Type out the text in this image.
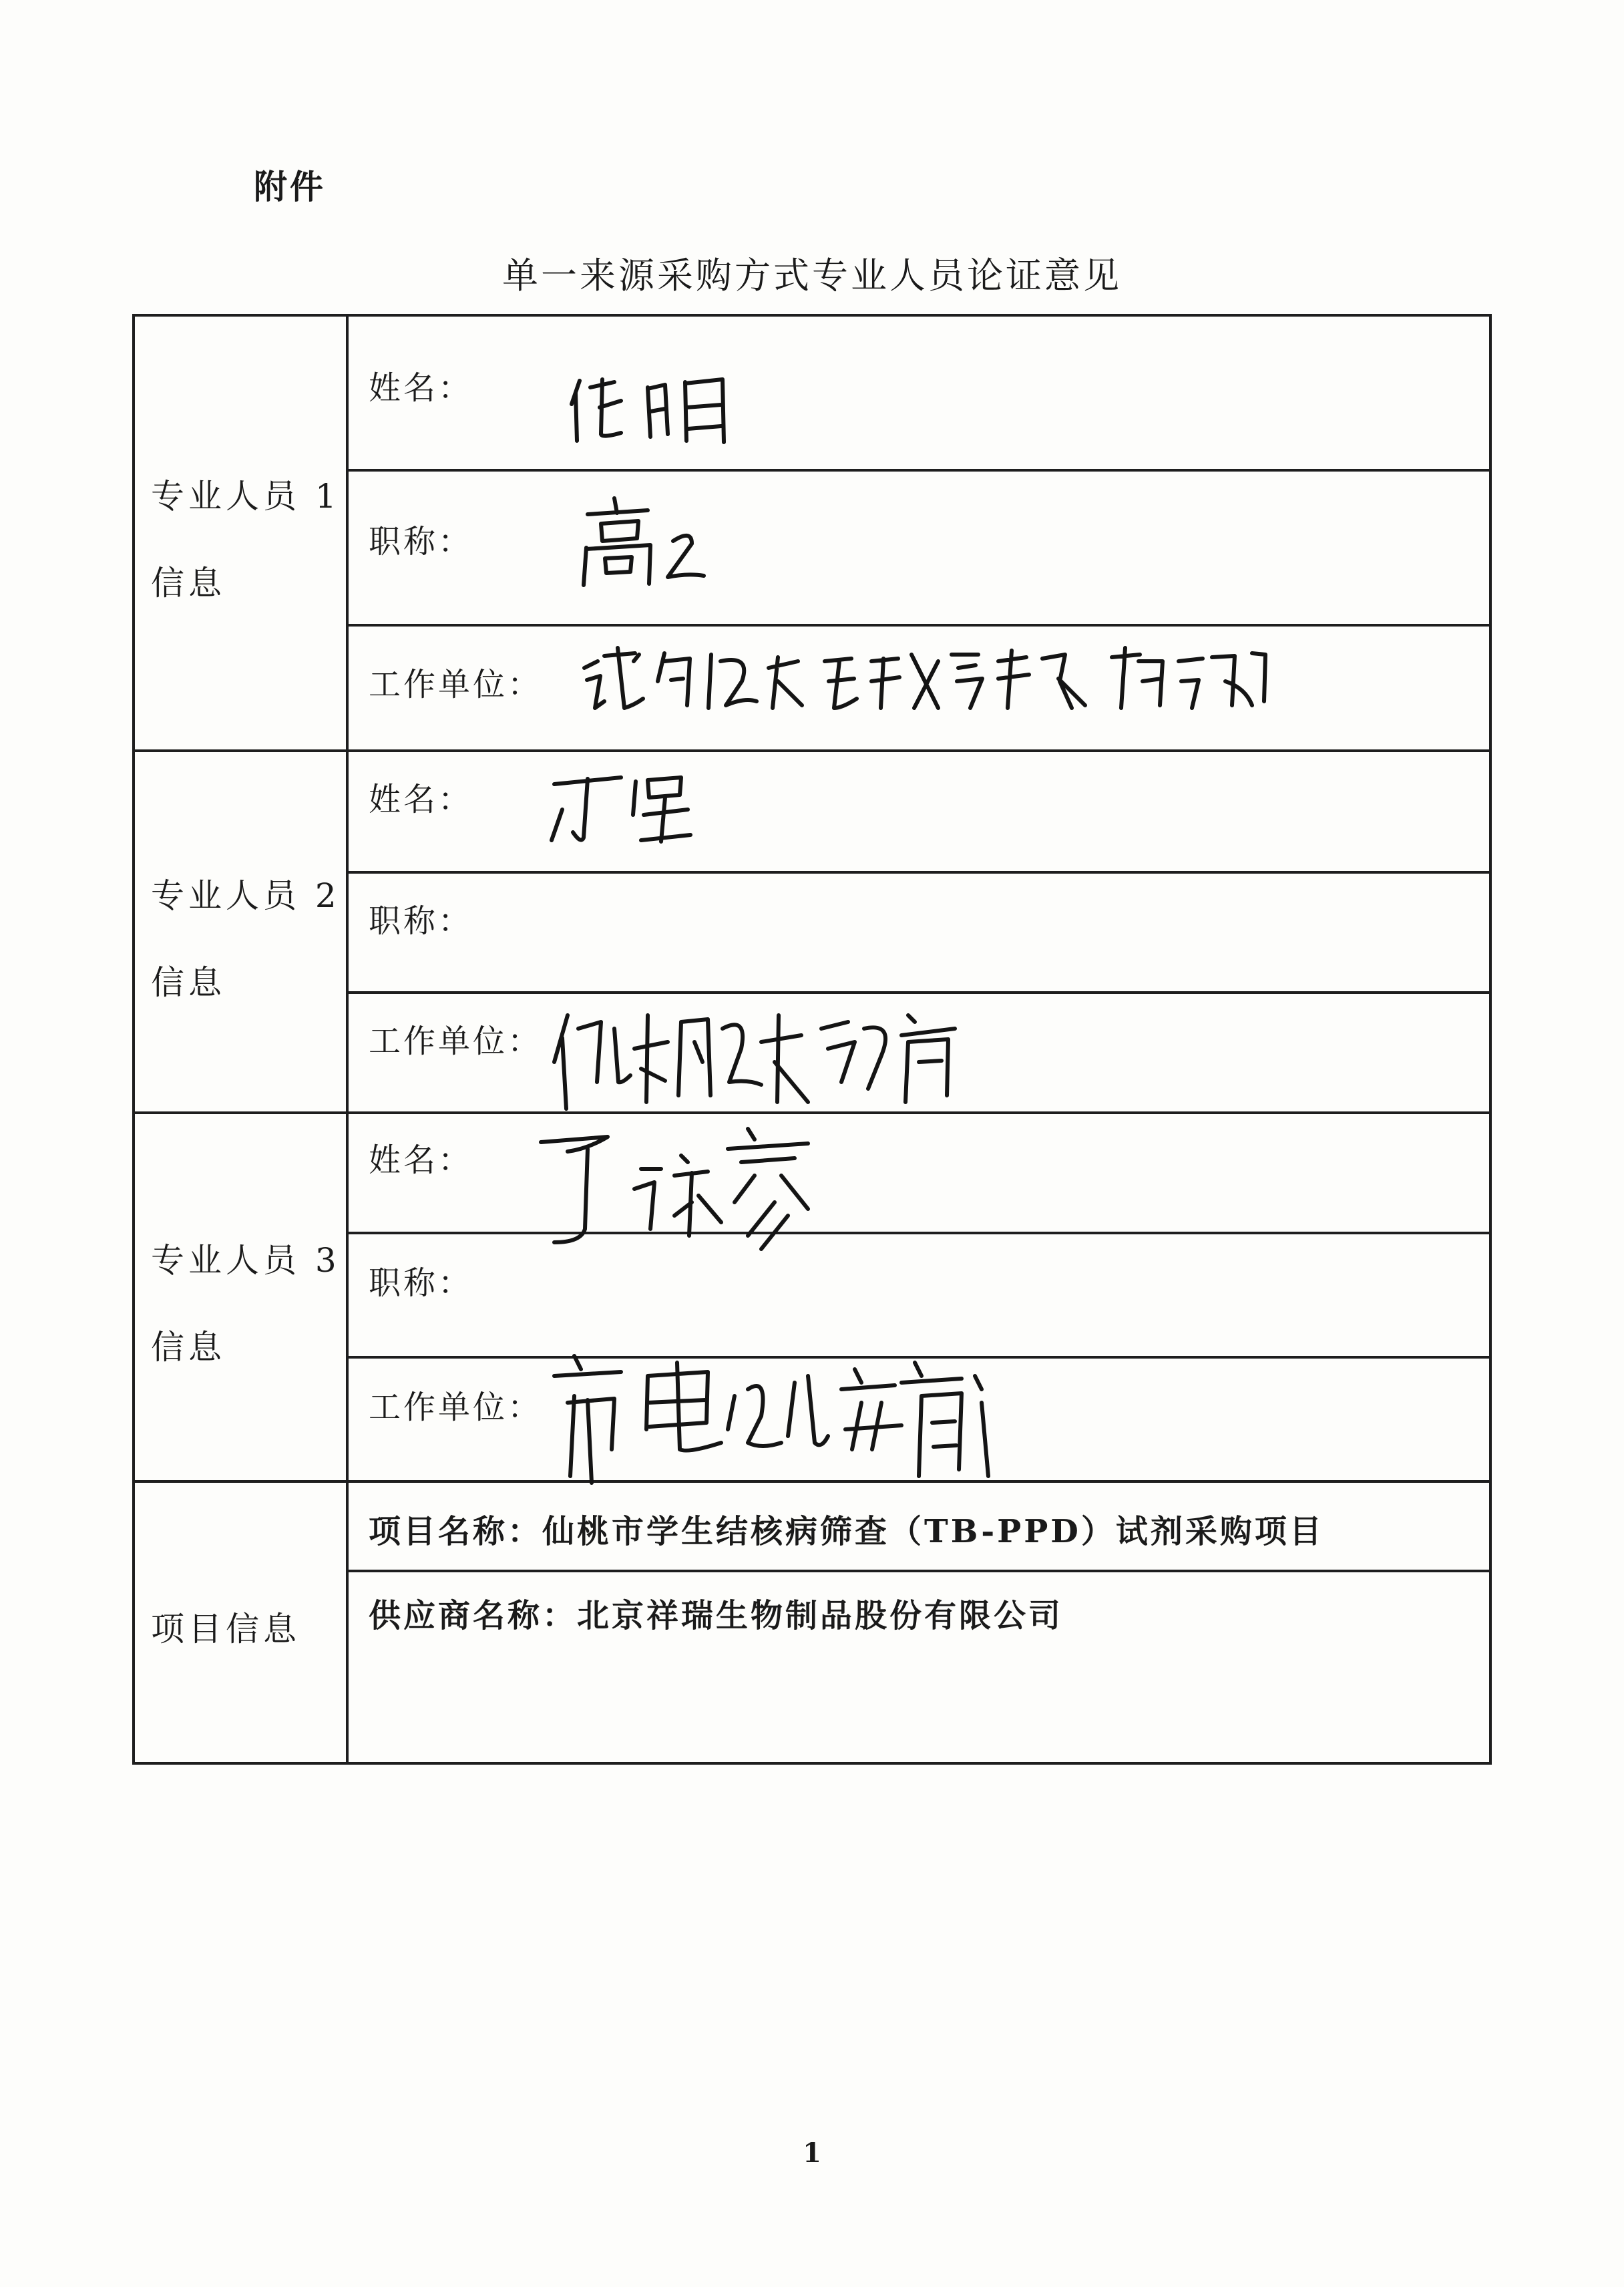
附件
单一来源采购方式专业人员论证意见
专业人员 1
信息
姓名：
职称：
工作单位：
专业人员 2
信息
姓名：
职称：
工作单位：
专业人员 3
信息
姓名：
职称：
工作单位：
项目信息
项目名称：仙桃市学生结核病筛查（TB-PPD）试剂采购项目
供应商名称：北京祥瑞生物制品股份有限公司
1
